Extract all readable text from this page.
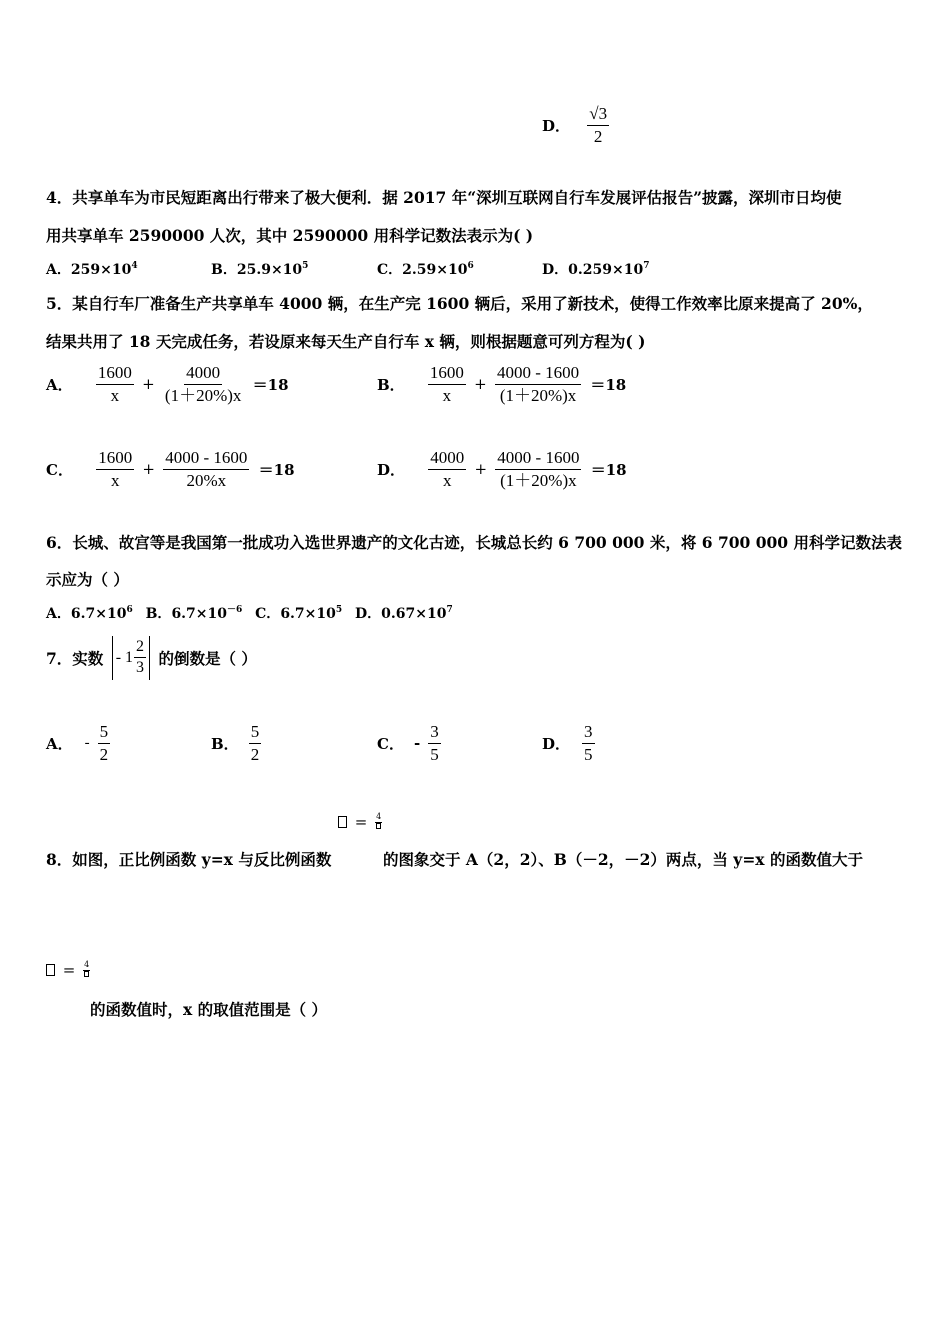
D． $\frac{√3}{2}$
4．共享单车为市民短距离出行带来了极大便利．据 2017 年“深圳互联网自行车发展评估报告”披露，深圳市日均使
用共享单车 2590000 人次，其中 2590000 用科学记数法表示为( )
A．$259\times 10^4$	B．$25.9\times 10^5$	C．$2.59\times 10^6$	D．$0.259\times 10^7$
5．某自行车厂准备生产共享单车 4000 辆，在生产完 1600 辆后，采用了新技术，使得工作效率比原来提高了 20%，
结果共用了 18 天完成任务，若设原来每天生产自行车 x 辆，则根据题意可列方程为( )
A． $\frac{1600}{x} + \frac{4000}{(1+20\%)x} =18$	B． $\frac{1600}{x} + \frac{4000 - 1600}{(1+20\%)x} =18$
C． $\frac{1600}{x} + \frac{4000 - 1600}{20\%x} =18$	D． $\frac{4000}{x} + \frac{4000 - 1600}{(1+20\%)x} =18$
6．长城、故宫等是我国第一批成功入选世界遗产的文化古迹，长城总长约 6 700 000 米，将 6 700 000 用科学记数法表
示应为（ ）
A．$6.7\times 10^6$ B．$6.7\times 10^{-6}$ C．$6.7\times 10^5$ D．$0.67\times 10^7$
7．实数 - $1 \frac{2}{3}$ 的倒数是（ ）
A． - $\frac{5}{2}$	B． $\frac{5}{2}$	C． - $\frac{3}{5}$	D． $\frac{3}{5}$
= 4
8．如图，正比例函数 y=x 与反比例函数	的图象交于 A（2，2）、B（－2，－2）两点，当 y=x 的函数值大于
= 4
的函数值时，x 的取值范围是（ ）
